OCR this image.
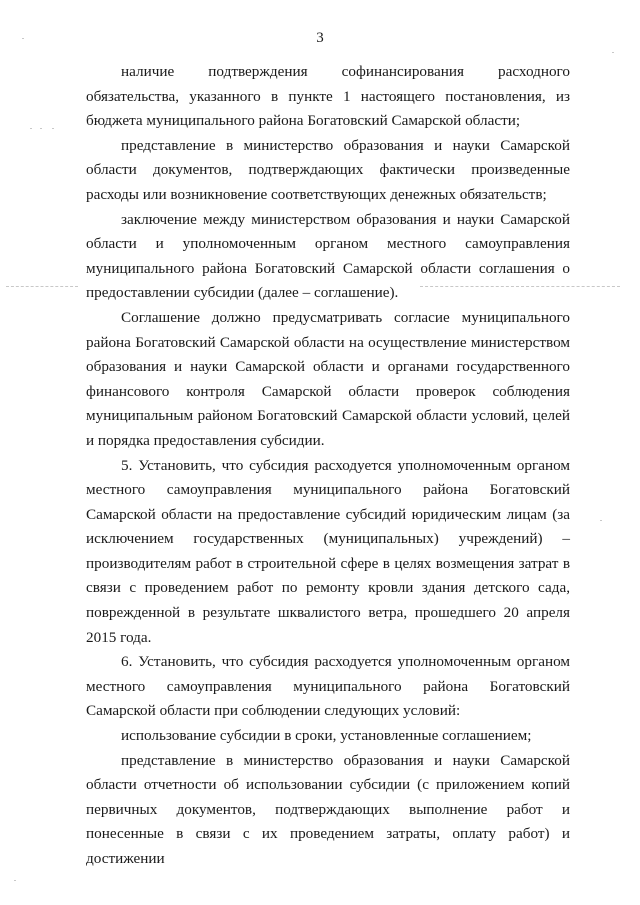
3

наличие подтверждения софинансирования расходного обязательства, указанного в пункте 1 настоящего постановления, из бюджета муниципального района Богатовский Самарской области;

представление в министерство образования и науки Самарской области документов, подтверждающих фактически произведенные расходы или возникновение соответствующих денежных обязательств;

заключение между министерством образования и науки Самарской области и уполномоченным органом местного самоуправления муниципального района Богатовский Самарской области соглашения о предоставлении субсидии (далее – соглашение).

Соглашение должно предусматривать согласие муниципального района Богатовский Самарской области на осуществление министерством образования и науки Самарской области и органами государственного финансового контроля Самарской области проверок соблюдения муниципальным районом Богатовский Самарской области условий, целей и порядка предоставления субсидии.

5. Установить, что субсидия расходуется уполномоченным органом местного самоуправления муниципального района Богатовский Самарской области на предоставление субсидий юридическим лицам (за исключением государственных (муниципальных) учреждений) – производителям работ в строительной сфере в целях возмещения затрат в связи с проведением работ по ремонту кровли здания детского сада, поврежденной в результате шквалистого ветра, прошедшего 20 апреля 2015 года.

6. Установить, что субсидия расходуется уполномоченным органом местного самоуправления муниципального района Богатовский Самарской области при соблюдении следующих условий:

использование субсидии в сроки, установленные соглашением;

представление в министерство образования и науки Самарской области отчетности об использовании субсидии (с приложением копий первичных документов, подтверждающих выполнение работ и понесенные в связи с их проведением затраты, оплату работ) и достижении
